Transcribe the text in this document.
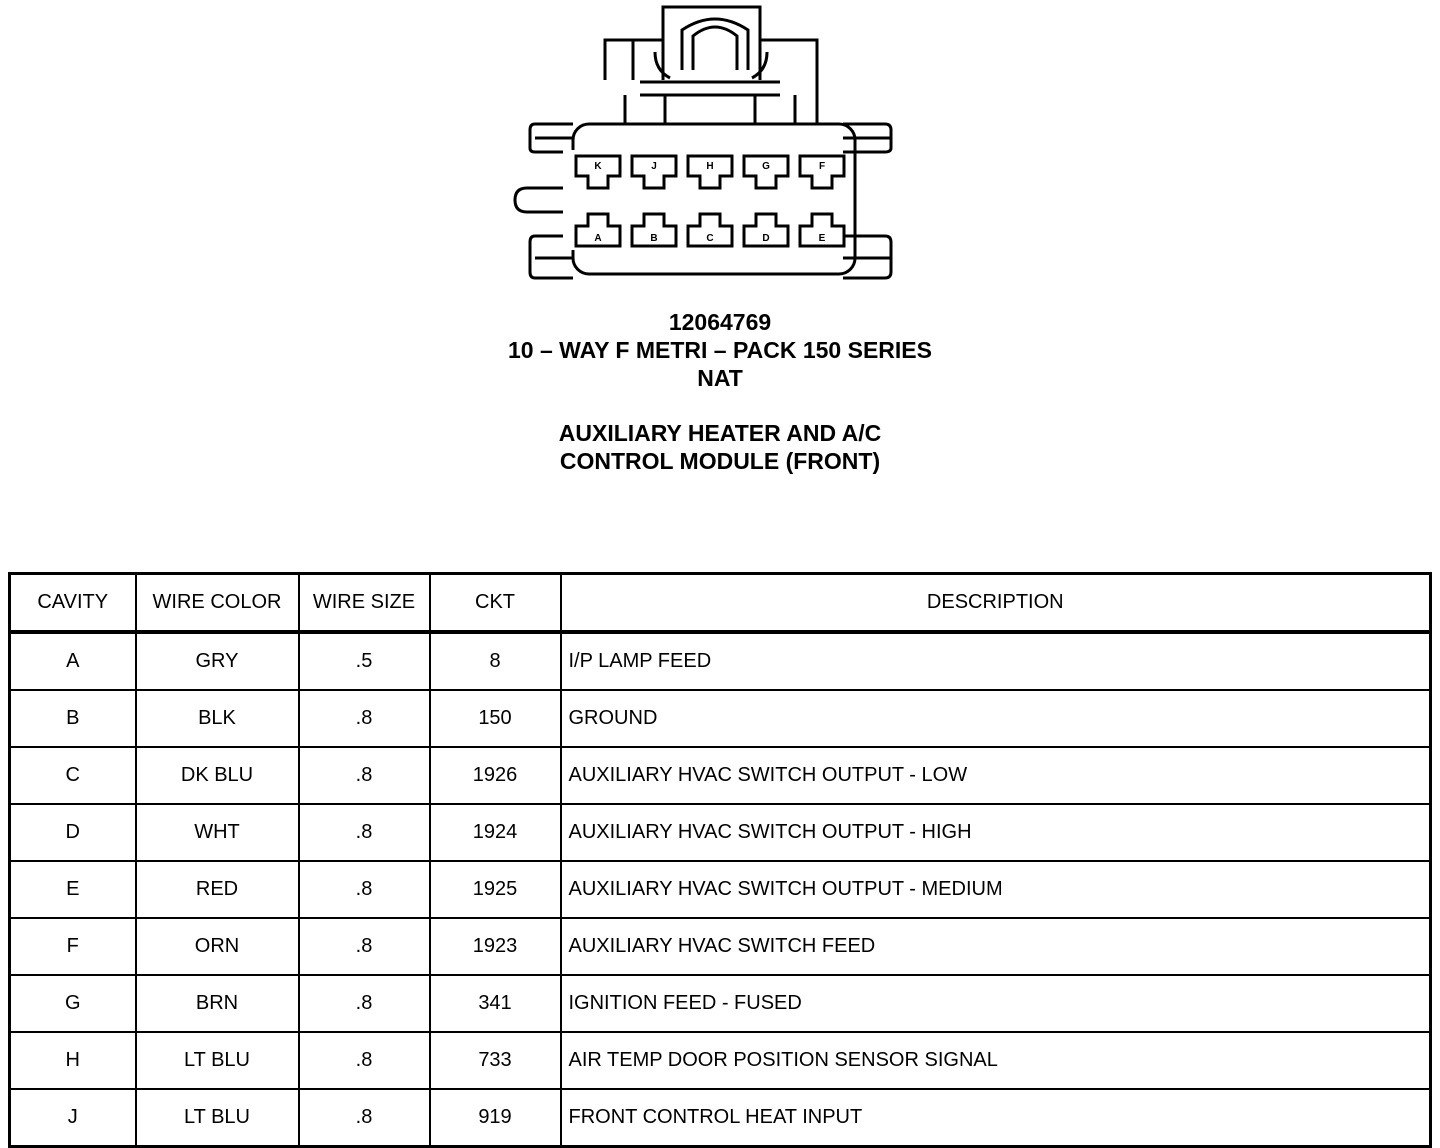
K	J	H	G	F
A	B	C	D	E
12064769
10 – WAY F METRI – PACK 150 SERIES
NAT
AUXILIARY HEATER AND A/C
CONTROL MODULE (FRONT)
CAVITY	WIRE COLOR	WIRE SIZE	CKT	DESCRIPTION
A	GRY	.5	8	I/P LAMP FEED
B	BLK	.8	150	GROUND
C	DK BLU	.8	1926	AUXILIARY HVAC SWITCH OUTPUT - LOW
D	WHT	.8	1924	AUXILIARY HVAC SWITCH OUTPUT - HIGH
E	RED	.8	1925	AUXILIARY HVAC SWITCH OUTPUT - MEDIUM
F	ORN	.8	1923	AUXILIARY HVAC SWITCH FEED
G	BRN	.8	341	IGNITION FEED - FUSED
H	LT BLU	.8	733	AIR TEMP DOOR POSITION SENSOR SIGNAL
J	LT BLU	.8	919	FRONT CONTROL HEAT INPUT
